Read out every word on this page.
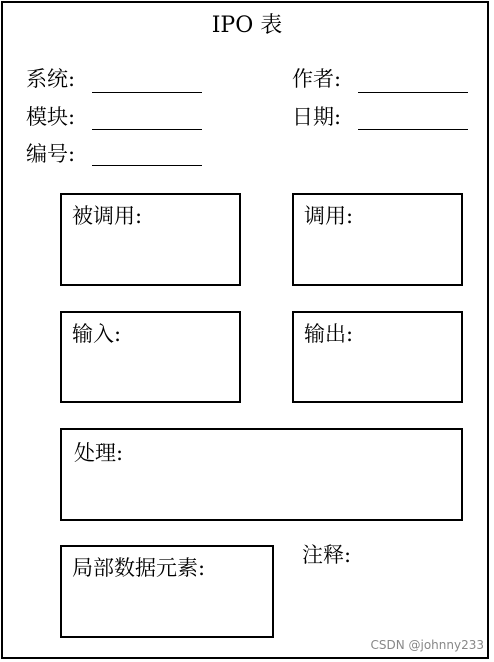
IPO 表
系统:	作者:
模块:	日期:
编号:
被调用:	调用:
输入:	输出:
处理:
局部数据元素:
注释:
CSDN @johnny233
